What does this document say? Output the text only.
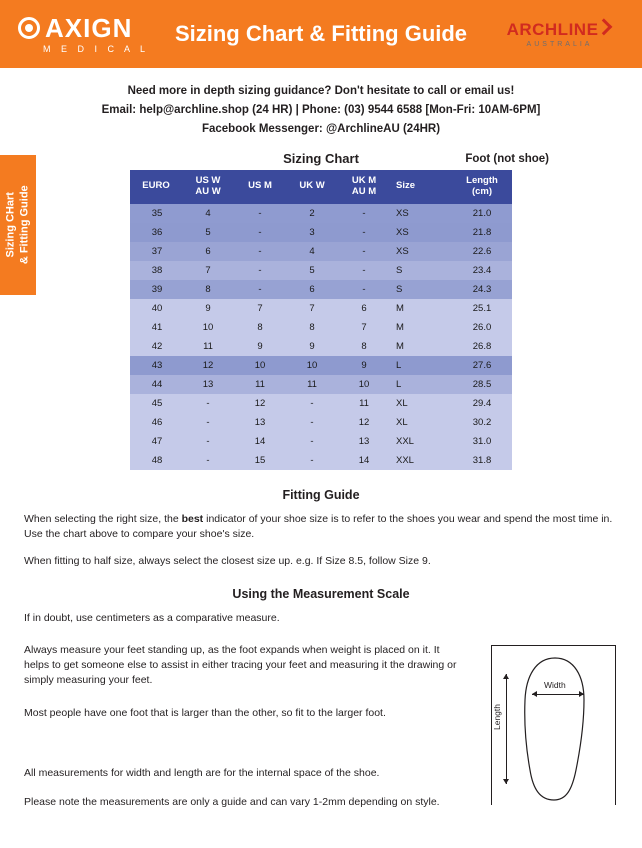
AXIGN
M E D I C A L
Sizing Chart & Fitting Guide	ARCHLINE
AUSTRALIA
Sizing CHart & Fitting Guide
Need more in depth sizing guidance? Don't hesitate to call or email us!
Email: help@archline.shop (24 HR) | Phone: (03) 9544 6588 [Mon-Fri: 10AM-6PM]
Facebook Messenger: @ArchlineAU (24HR)
Sizing Chart	Foot (not shoe)
EURO	US W
AU W	US M	UK W	UK M
AU M	Size	Length
(cm)
35	4	-	2	-	XS	21.0
36	5	-	3	-	XS	21.8
37	6	-	4	-	XS	22.6
38	7	-	5	-	S	23.4
39	8	-	6	-	S	24.3
40	9	7	7	6	M	25.1
41	10	8	8	7	M	26.0
42	11	9	9	8	M	26.8
43	12	10	10	9	L	27.6
44	13	11	11	10	L	28.5
45	-	12	-	11	XL	29.4
46	-	13	-	12	XL	30.2
47	-	14	-	13	XXL	31.0
48	-	15	-	14	XXL	31.8
Fitting Guide

When selecting the right size, the best indicator of your shoe size is to refer to the shoes you wear and spend the most time in. Use the chart above to compare your shoe's size.

When fitting to half size, always select the closest size up. e.g. If Size 8.5, follow Size 9.

Using the Measurement Scale

If in doubt, use centimeters as a comparative measure.

Always measure your feet standing up, as the foot expands when weight is placed on it. It helps to get someone else to assist in either tracing your feet and measuring it the drawing or simply measuring your feet.

Most people have one foot that is larger than the other, so fit to the larger foot.

All measurements for width and length are for the internal space of the shoe.

Please note the measurements are only a guide and can vary 1-2mm depending on style.

Length
Width
